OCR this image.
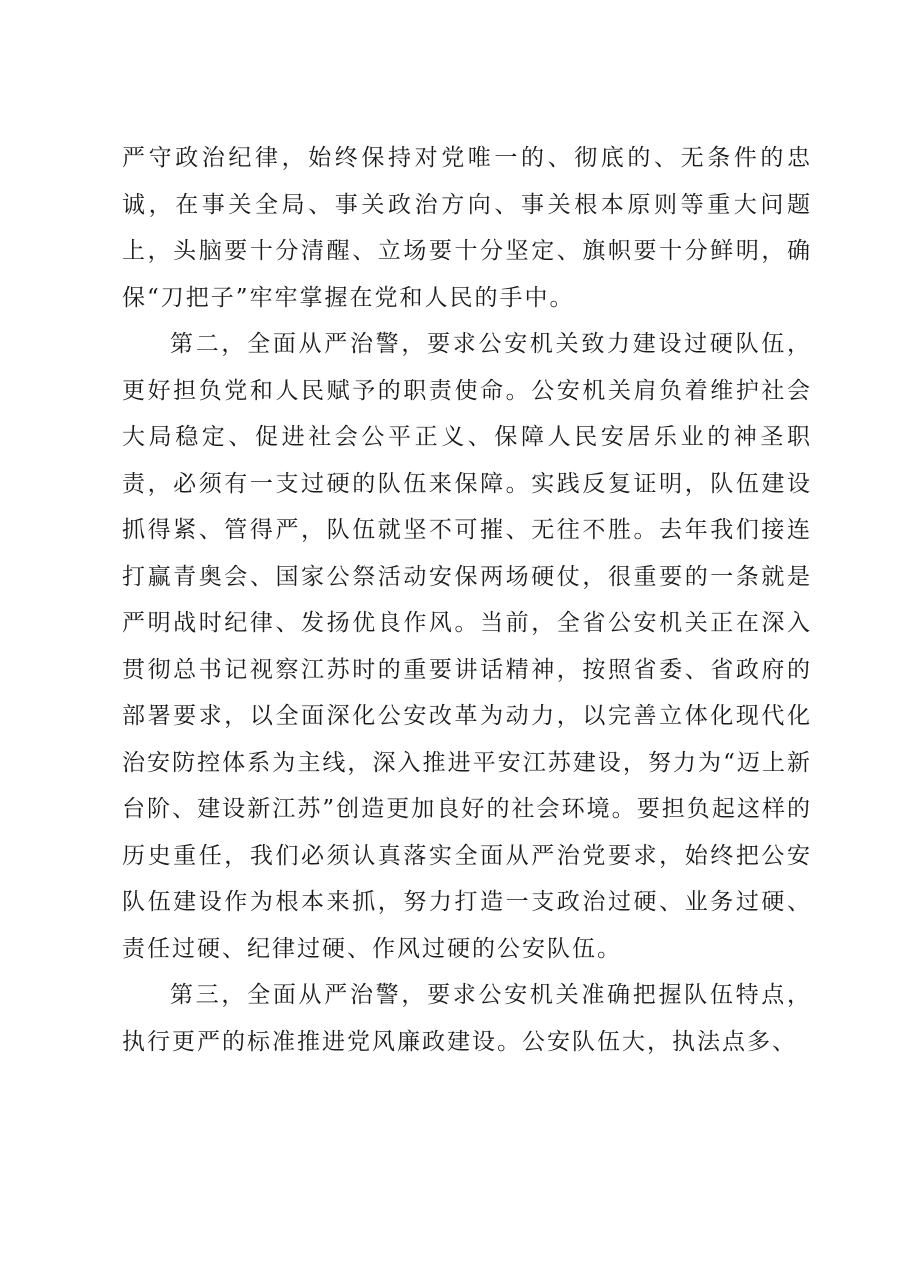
严守政治纪律，始终保持对党唯一的、彻底的、无条件的忠诚，在事关全局、事关政治方向、事关根本原则等重大问题上，头脑要十分清醒、立场要十分坚定、旗帜要十分鲜明，确保“刀把子”牢牢掌握在党和人民的手中。

第二，全面从严治警，要求公安机关致力建设过硬队伍，更好担负党和人民赋予的职责使命。公安机关肩负着维护社会大局稳定、促进社会公平正义、保障人民安居乐业的神圣职责，必须有一支过硬的队伍来保障。实践反复证明，队伍建设抓得紧、管得严，队伍就坚不可摧、无往不胜。去年我们接连打赢青奥会、国家公祭活动安保两场硬仗，很重要的一条就是严明战时纪律、发扬优良作风。当前，全省公安机关正在深入贯彻总书记视察江苏时的重要讲话精神，按照省委、省政府的部署要求，以全面深化公安改革为动力，以完善立体化现代化治安防控体系为主线，深入推进平安江苏建设，努力为“迈上新台阶、建设新江苏”创造更加良好的社会环境。要担负起这样的历史重任，我们必须认真落实全面从严治党要求，始终把公安队伍建设作为根本来抓，努力打造一支政治过硬、业务过硬、责任过硬、纪律过硬、作风过硬的公安队伍。

第三，全面从严治警，要求公安机关准确把握队伍特点，执行更严的标准推进党风廉政建设。公安队伍大，执法点多、
